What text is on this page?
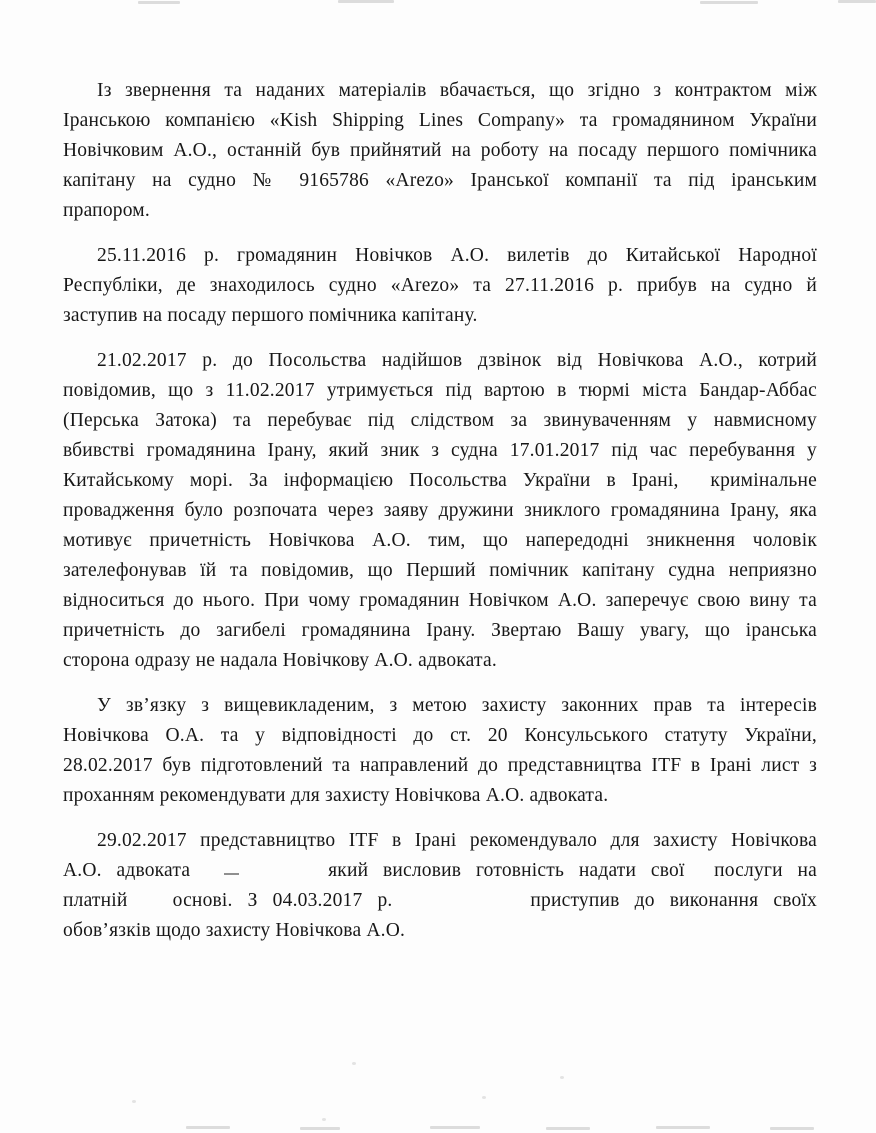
Із звернення та наданих матеріалів вбачається, що згідно з контрактом між
Іранською компанією «Kish Shipping Lines Company» та громадянином України
Новічковим А.О., останній був прийнятий на роботу на посаду першого помічника
капітану на судно № 9165786 «Arezo» Іранської компанії та під іранським
прапором.
25.11.2016 р. громадянин Новічков А.О. вилетів до Китайської Народної
Республіки, де знаходилось судно «Arezo» та 27.11.2016 р. прибув на судно й
заступив на посаду першого помічника капітану.
21.02.2017 р. до Посольства надійшов дзвінок від Новічкова А.О., котрий
повідомив, що з 11.02.2017 утримується під вартою в тюрмі міста Бандар-Аббас
(Перська Затока) та перебуває під слідством за звинуваченням у навмисному
вбивстві громадянина Ірану, який зник з судна 17.01.2017 під час перебування у
Китайському морі. За інформацією Посольства України в Ірані,  кримінальне
провадження було розпочата через заяву дружини зниклого громадянина Ірану, яка
мотивує причетність Новічкова А.О. тим, що напередодні зникнення чоловік
зателефонував їй та повідомив, що Перший помічник капітану судна неприязно
відноситься до нього. При чому громадянин Новічком А.О. заперечує свою вину та
причетність до загибелі громадянина Ірану. Звертаю Вашу увагу, що іранська
сторона одразу не надала Новічкову А.О. адвоката.
У зв’язку з вищевикладеним, з метою захисту законних прав та інтересів
Новічкова О.А. та у відповідності до ст. 20 Консульського статуту України,
28.02.2017 був підготовлений та направлений до представництва ITF в Ірані лист з
проханням рекомендувати для захисту Новічкова А.О. адвоката.
29.02.2017 представництво ITF в Ірані рекомендувало для захисту Новічкова
А.О. адвоката       який висловив готовність надати свої  послуги на
платній   основі. З 04.03.2017 р.       приступив до виконання своїх
обов’язків щодо захисту Новічкова А.О.
